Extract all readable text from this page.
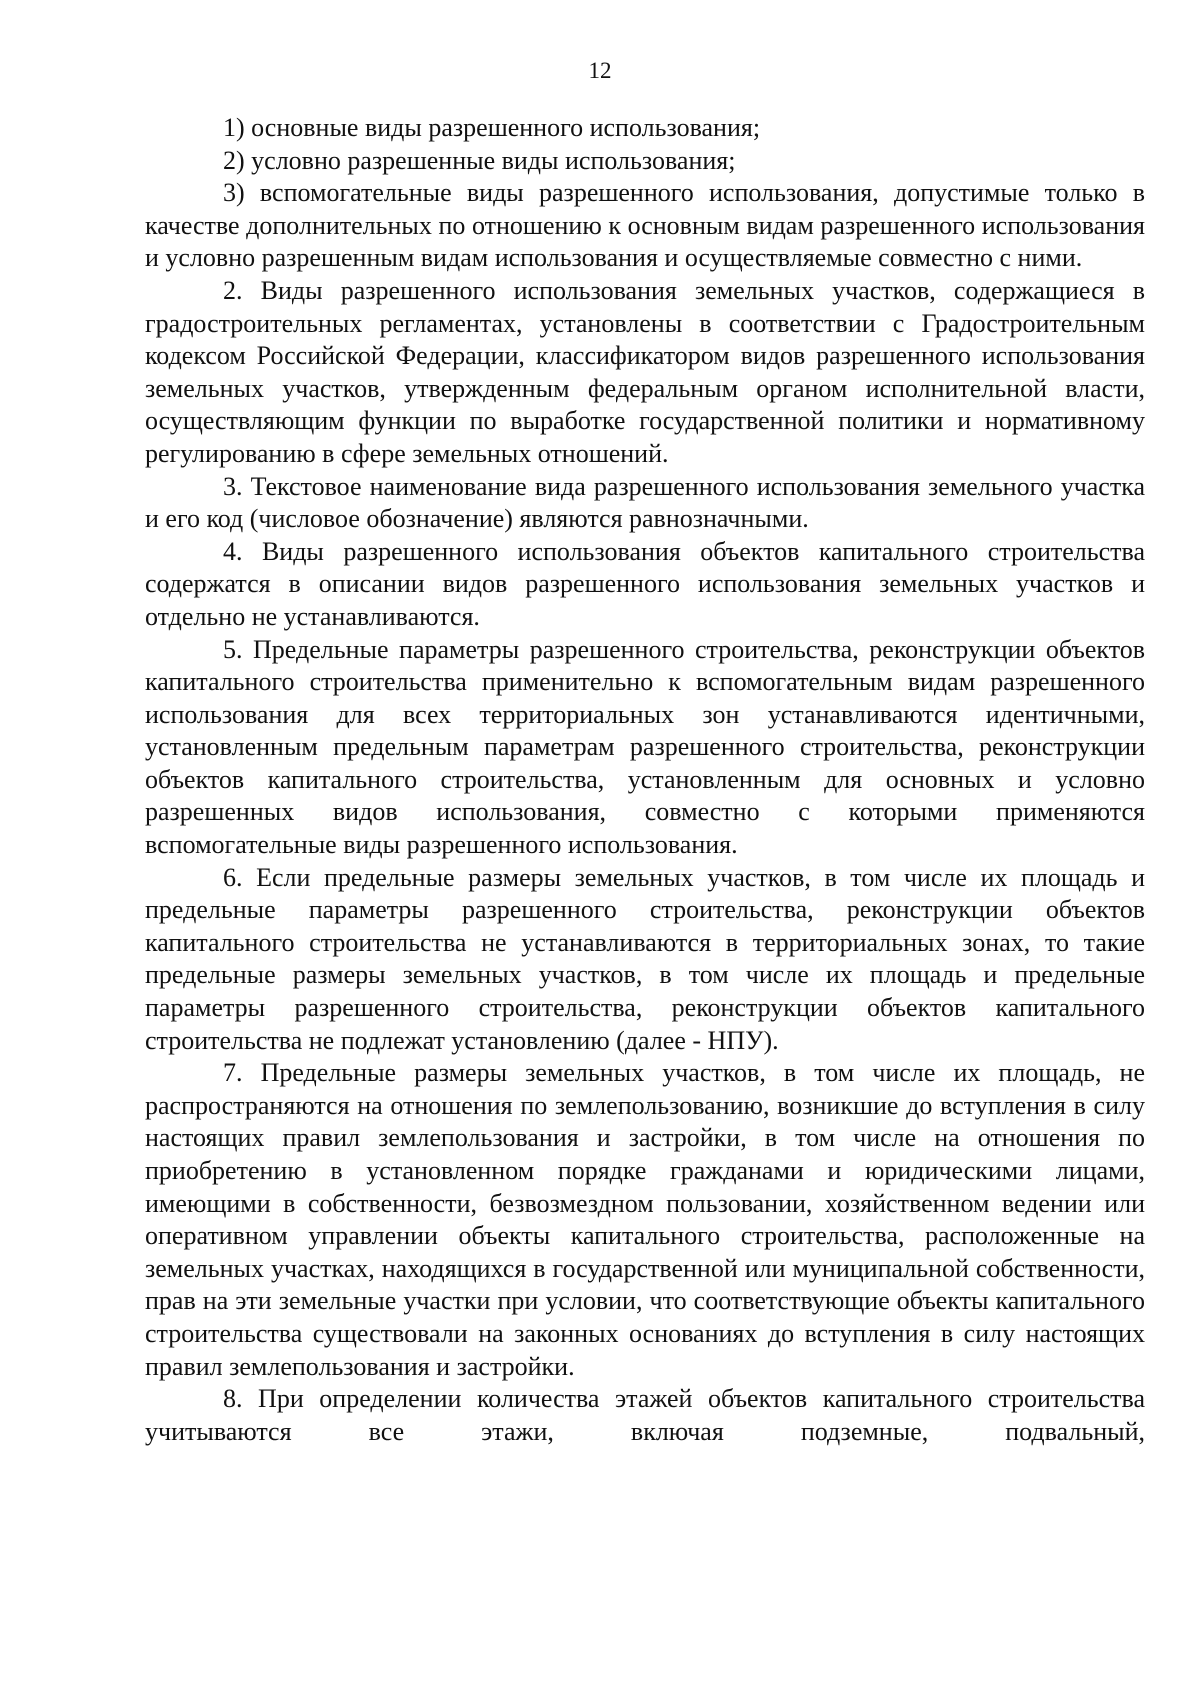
12

1) основные виды разрешенного использования;

2) условно разрешенные виды использования;

3) вспомогательные виды разрешенного использования, допустимые только в качестве дополнительных по отношению к основным видам разрешенного использования и условно разрешенным видам использования и осуществляемые совместно с ними.

2. Виды разрешенного использования земельных участков, содержащиеся в градостроительных регламентах, установлены в соответствии с Градостроительным кодексом Российской Федерации, классификатором видов разрешенного использования земельных участков, утвержденным федеральным органом исполнительной власти, осуществляющим функции по выработке государственной политики и нормативному регулированию в сфере земельных отношений.

3. Текстовое наименование вида разрешенного использования земельного участка и его код (числовое обозначение) являются равнозначными.

4. Виды разрешенного использования объектов капитального строительства содержатся в описании видов разрешенного использования земельных участков и отдельно не устанавливаются.

5. Предельные параметры разрешенного строительства, реконструкции объектов капитального строительства применительно к вспомогательным видам разрешенного использования для всех территориальных зон устанавливаются идентичными, установленным предельным параметрам разрешенного строительства, реконструкции объектов капитального строительства, установленным для основных и условно разрешенных видов использования, совместно с которыми применяются вспомогательные виды разрешенного использования.

6. Если предельные размеры земельных участков, в том числе их площадь и предельные параметры разрешенного строительства, реконструкции объектов капитального строительства не устанавливаются в территориальных зонах, то такие предельные размеры земельных участков, в том числе их площадь и предельные параметры разрешенного строительства, реконструкции объектов капитального строительства не подлежат установлению (далее - НПУ).

7. Предельные размеры земельных участков, в том числе их площадь, не распространяются на отношения по землепользованию, возникшие до вступления в силу настоящих правил землепользования и застройки, в том числе на отношения по приобретению в установленном порядке гражданами и юридическими лицами, имеющими в собственности, безвозмездном пользовании, хозяйственном ведении или оперативном управлении объекты капитального строительства, расположенные на земельных участках, находящихся в государственной или муниципальной собственности, прав на эти земельные участки при условии, что соответствующие объекты капитального строительства существовали на законных основаниях до вступления в силу настоящих правил землепользования и застройки.

8. При определении количества этажей объектов капитального строительства учитываются все этажи, включая подземные, подвальный,
